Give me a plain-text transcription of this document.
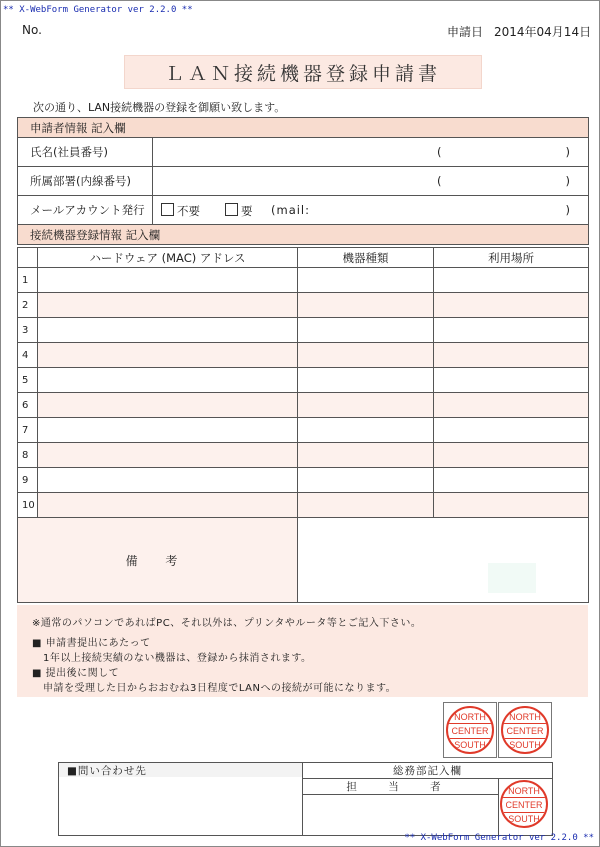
** X-WebForm Generator ver 2.2.0 **
No.	申請日 2014年04月14日
ＬＡＮ接続機器登録申請書
次の通り、LAN接続機器の登録を御願い致します。
申請者情報 記入欄	
氏名(社員番号)	( )

所属部署(内線番号)	( )

メールアカウント発行	不要 要 (mail: )

接続機器登録情報 記入欄	
	ハードウェア (MAC) アドレス	機器種類	利用場所
1			
2			
3			
4			
5			
6			
7			
8			
9			
10			
備 考			
※通常のパソコンであればPC、それ以外は、プリンタやルータ等とご記入下さい。
■ 申請書提出にあたって
1年以上接続実績のない機器は、登録から抹消されます。
■ 提出後に関して
申請を受理した日からおおむね3日程度でLANへの接続が可能になります。
NORTH
CENTER
SOUTH
NORTH
CENTER
SOUTH
■問い合わせ先	総務部記入欄	
	担 当 者		NORTH
CENTER
SOUTH
** X-WebForm Generator ver 2.2.0 **
